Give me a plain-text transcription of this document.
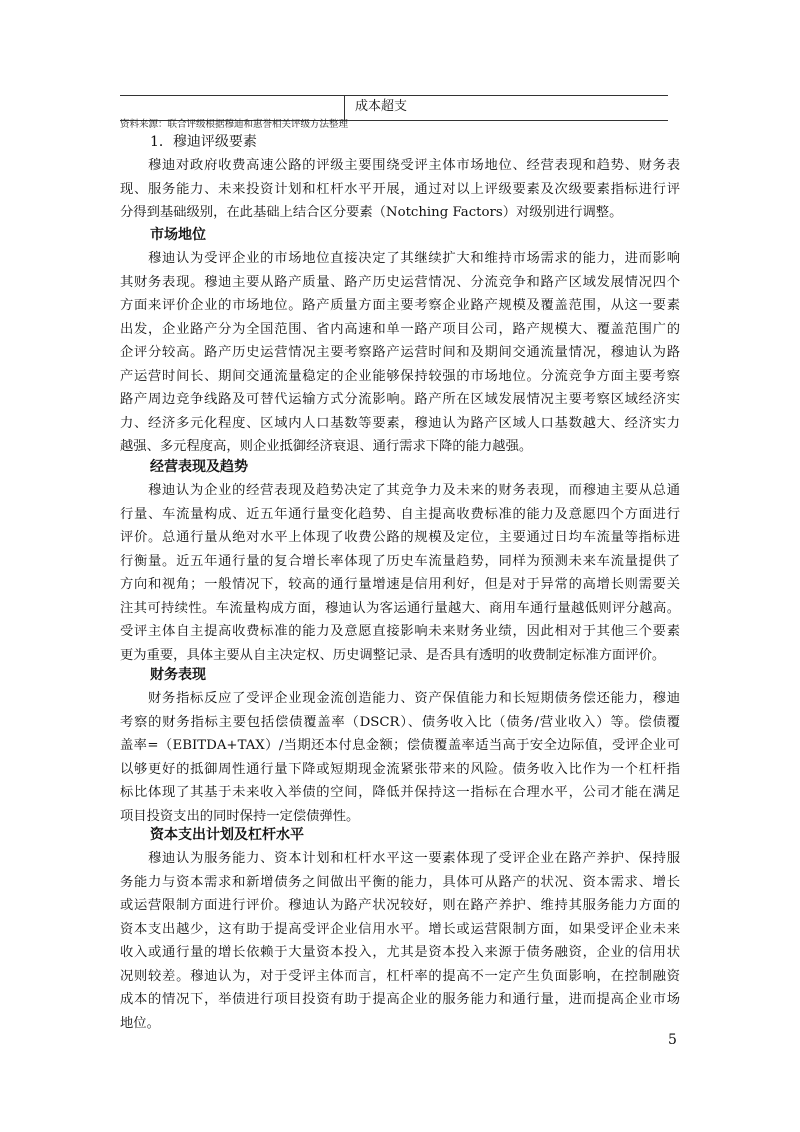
成本超支
资料来源：联合评级根据穆迪和惠誉相关评级方法整理
1．穆迪评级要素
穆迪对政府收费高速公路的评级主要围绕受评主体市场地位、经营表现和趋势、财务表
现、服务能力、未来投资计划和杠杆水平开展，通过对以上评级要素及次级要素指标进行评
分得到基础级别，在此基础上结合区分要素（Notching Factors）对级别进行调整。
市场地位
穆迪认为受评企业的市场地位直接决定了其继续扩大和维持市场需求的能力，进而影响
其财务表现。穆迪主要从路产质量、路产历史运营情况、分流竞争和路产区域发展情况四个
方面来评价企业的市场地位。路产质量方面主要考察企业路产规模及覆盖范围，从这一要素
出发，企业路产分为全国范围、省内高速和单一路产项目公司，路产规模大、覆盖范围广的
企评分较高。路产历史运营情况主要考察路产运营时间和及期间交通流量情况，穆迪认为路
产运营时间长、期间交通流量稳定的企业能够保持较强的市场地位。分流竞争方面主要考察
路产周边竞争线路及可替代运输方式分流影响。路产所在区域发展情况主要考察区域经济实
力、经济多元化程度、区域内人口基数等要素，穆迪认为路产区域人口基数越大、经济实力
越强、多元程度高，则企业抵御经济衰退、通行需求下降的能力越强。
经营表现及趋势
穆迪认为企业的经营表现及趋势决定了其竞争力及未来的财务表现，而穆迪主要从总通
行量、车流量构成、近五年通行量变化趋势、自主提高收费标准的能力及意愿四个方面进行
评价。总通行量从绝对水平上体现了收费公路的规模及定位，主要通过日均车流量等指标进
行衡量。近五年通行量的复合增长率体现了历史车流量趋势，同样为预测未来车流量提供了
方向和视角；一般情况下，较高的通行量增速是信用利好，但是对于异常的高增长则需要关
注其可持续性。车流量构成方面，穆迪认为客运通行量越大、商用车通行量越低则评分越高。
受评主体自主提高收费标准的能力及意愿直接影响未来财务业绩，因此相对于其他三个要素
更为重要，具体主要从自主决定权、历史调整记录、是否具有透明的收费制定标准方面评价。
财务表现
财务指标反应了受评企业现金流创造能力、资产保值能力和长短期债务偿还能力，穆迪
考察的财务指标主要包括偿债覆盖率（DSCR）、债务收入比（债务/营业收入）等。偿债覆
盖率=（EBITDA+TAX）/当期还本付息金额；偿债覆盖率适当高于安全边际值，受评企业可
以够更好的抵御周性通行量下降或短期现金流紧张带来的风险。债务收入比作为一个杠杆指
标比体现了其基于未来收入举债的空间，降低并保持这一指标在合理水平，公司才能在满足
项目投资支出的同时保持一定偿债弹性。
资本支出计划及杠杆水平
穆迪认为服务能力、资本计划和杠杆水平这一要素体现了受评企业在路产养护、保持服
务能力与资本需求和新增债务之间做出平衡的能力，具体可从路产的状况、资本需求、增长
或运营限制方面进行评价。穆迪认为路产状况较好，则在路产养护、维持其服务能力方面的
资本支出越少，这有助于提高受评企业信用水平。增长或运营限制方面，如果受评企业未来
收入或通行量的增长依赖于大量资本投入，尤其是资本投入来源于债务融资，企业的信用状
况则较差。穆迪认为，对于受评主体而言，杠杆率的提高不一定产生负面影响，在控制融资
成本的情况下，举债进行项目投资有助于提高企业的服务能力和通行量，进而提高企业市场
地位。
5
